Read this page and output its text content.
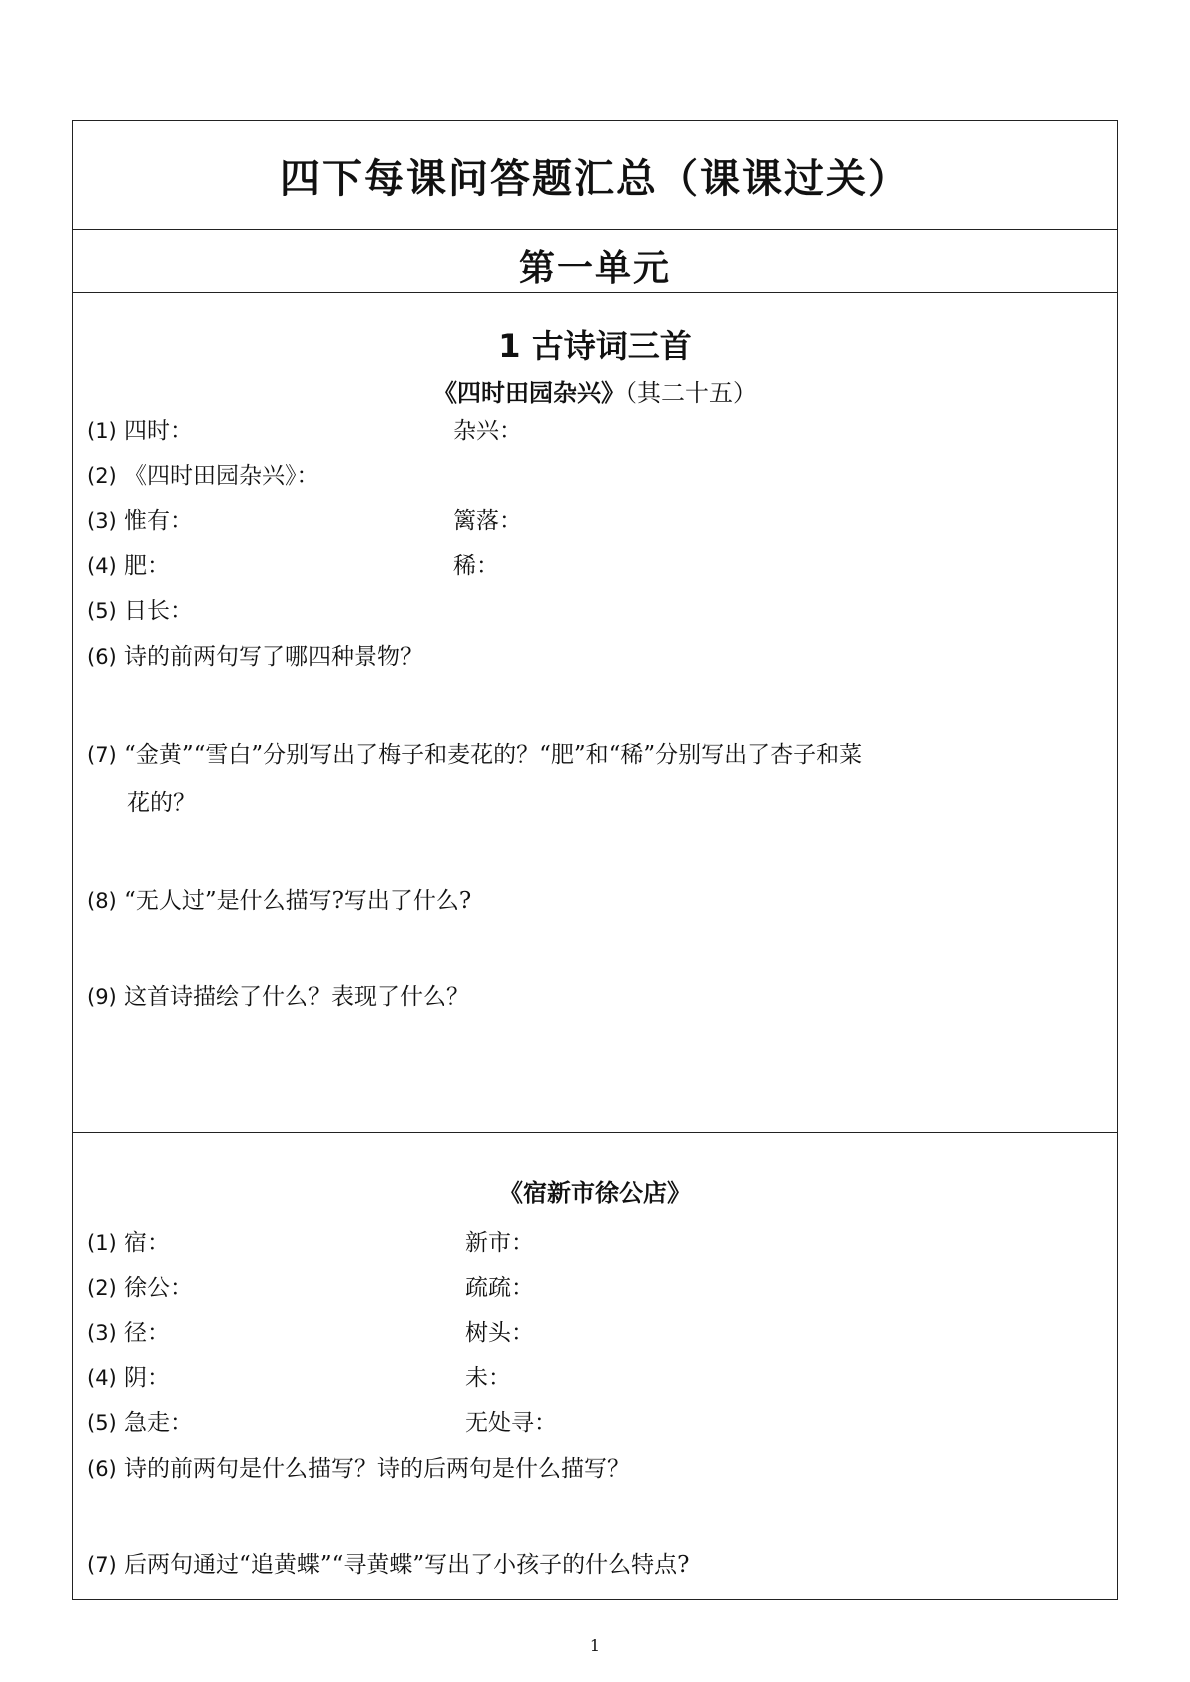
四下每课问答题汇总（课课过关）
第一单元
1 古诗词三首
《四时田园杂兴》（其二十五）
(1) 四时：	杂兴：
(2) 《四时田园杂兴》：
(3) 惟有：	篱落：
(4) 肥：	稀：
(5) 日长：
(6) 诗的前两句写了哪四种景物？
(7) “金黄”“雪白”分别写出了梅子和麦花的？“肥”和“稀”分别写出了杏子和菜
花的？
(8) “无人过”是什么描写?写出了什么?
(9) 这首诗描绘了什么？表现了什么？
《宿新市徐公店》
(1) 宿：	新市：
(2) 徐公：	疏疏：
(3) 径：	树头：
(4) 阴：	未：
(5) 急走：	无处寻：
(6) 诗的前两句是什么描写？诗的后两句是什么描写？
(7) 后两句通过“追黄蝶”“寻黄蝶”写出了小孩子的什么特点?
1
